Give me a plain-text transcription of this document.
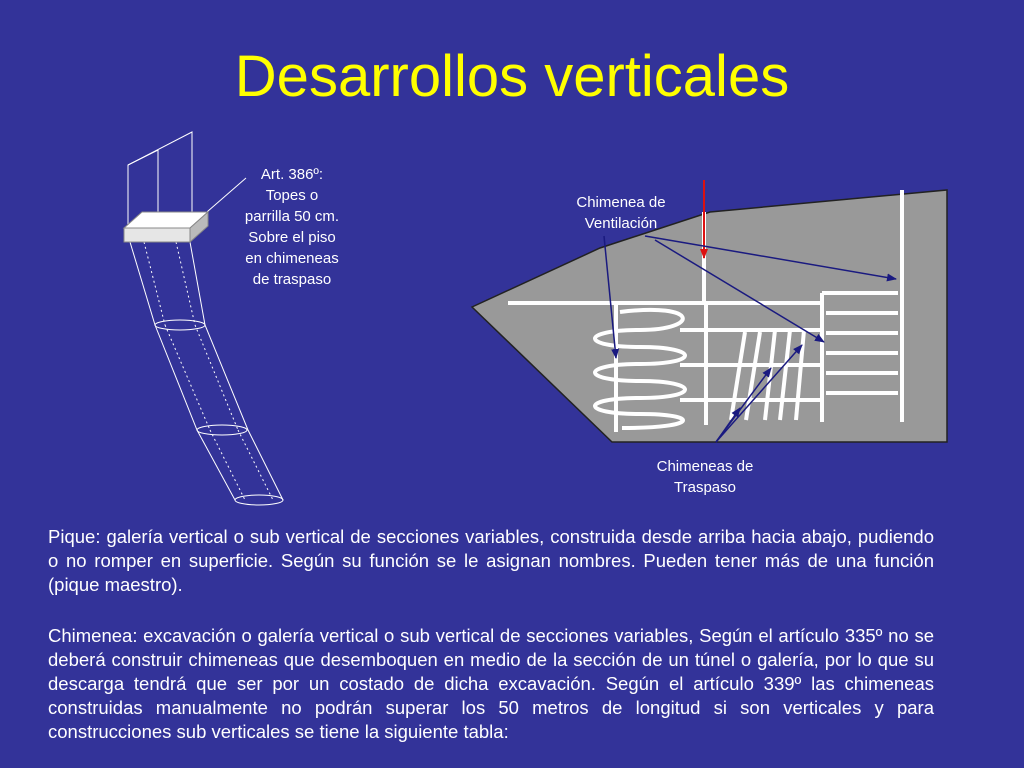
Desarrollos verticales
Art. 386º:
Topes o
parrilla 50 cm.
Sobre el piso
en chimeneas
de traspaso
Chimenea de
Ventilación
Chimeneas de
Traspaso

Pique: galería vertical o sub vertical de secciones variables, construida desde arriba hacia abajo, pudiendo o no romper en superficie. Según su función se le asignan nombres. Pueden tener más de una función (pique maestro).

Chimenea: excavación o galería vertical o sub vertical de secciones variables, Según el artículo 335º no se deberá construir chimeneas que desemboquen en medio de la sección de un túnel o galería, por lo que su descarga tendrá que ser por un costado de dicha excavación. Según el artículo 339º las chimeneas construidas manualmente no podrán superar los 50 metros de longitud si son verticales y para construcciones sub verticales se tiene la siguiente tabla:
